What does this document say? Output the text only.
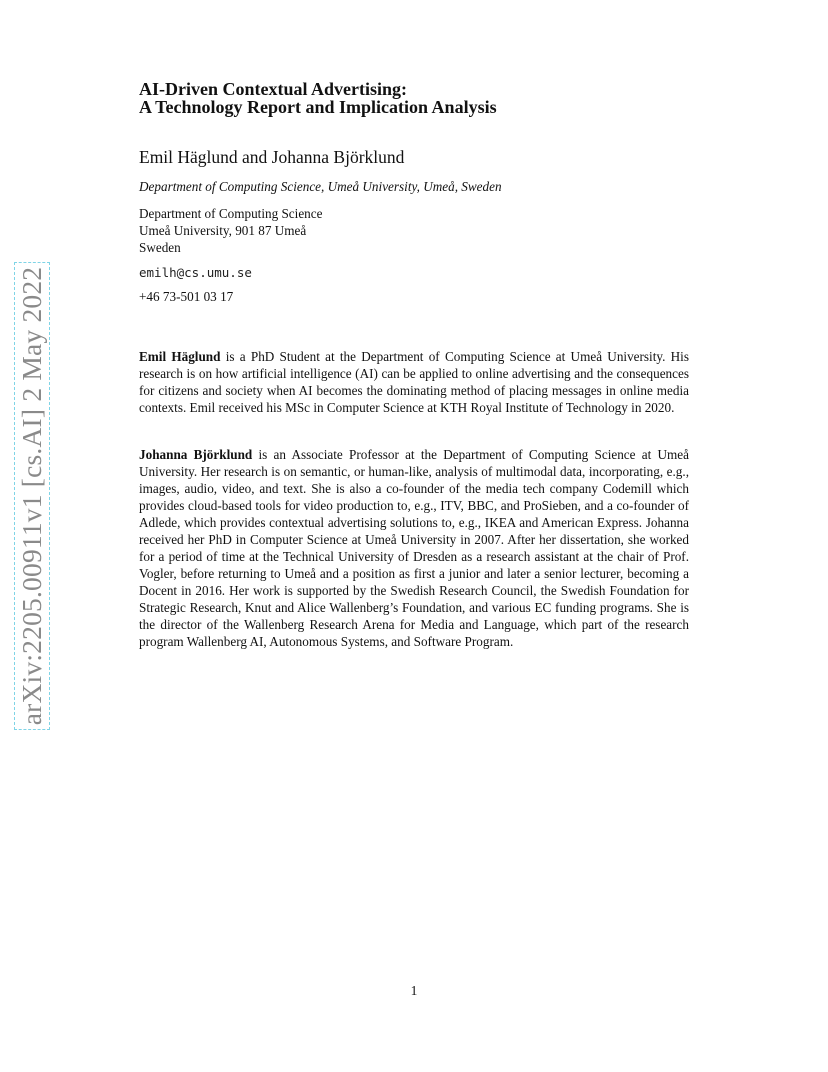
arXiv:2205.00911v1 [cs.AI] 2 May 2022
AI-Driven Contextual Advertising:
A Technology Report and Implication Analysis
Emil Häglund and Johanna Björklund
Department of Computing Science, Umeå University, Umeå, Sweden
Department of Computing Science
Umeå University, 901 87 Umeå
Sweden
emilh@cs.umu.se
+46 73-501 03 17

Emil Häglund is a PhD Student at the Department of Computing Science at Umeå University. His research is on how artificial intelligence (AI) can be applied to online advertising and the consequences for citizens and society when AI becomes the dominating method of placing messages in online media contexts. Emil received his MSc in Computer Science at KTH Royal Institute of Technology in 2020.

Johanna Björklund is an Associate Professor at the Department of Computing Science at Umeå University. Her research is on semantic, or human-like, analysis of multimodal data, incorporating, e.g., images, audio, video, and text. She is also a co-founder of the media tech company Codemill which provides cloud-based tools for video production to, e.g., ITV, BBC, and ProSieben, and a co-founder of Adlede, which provides contextual advertising solutions to, e.g., IKEA and American Express. Johanna received her PhD in Computer Science at Umeå University in 2007. After her dissertation, she worked for a period of time at the Technical University of Dresden as a research assistant at the chair of Prof. Vogler, before returning to Umeå and a position as first a junior and later a senior lecturer, becoming a Docent in 2016. Her work is supported by the Swedish Research Council, the Swedish Foundation for Strategic Research, Knut and Alice Wallenberg’s Foundation, and various EC funding programs. She is the director of the Wallenberg Research Arena for Media and Language, which part of the research program Wallenberg AI, Autonomous Systems, and Software Program.

1
